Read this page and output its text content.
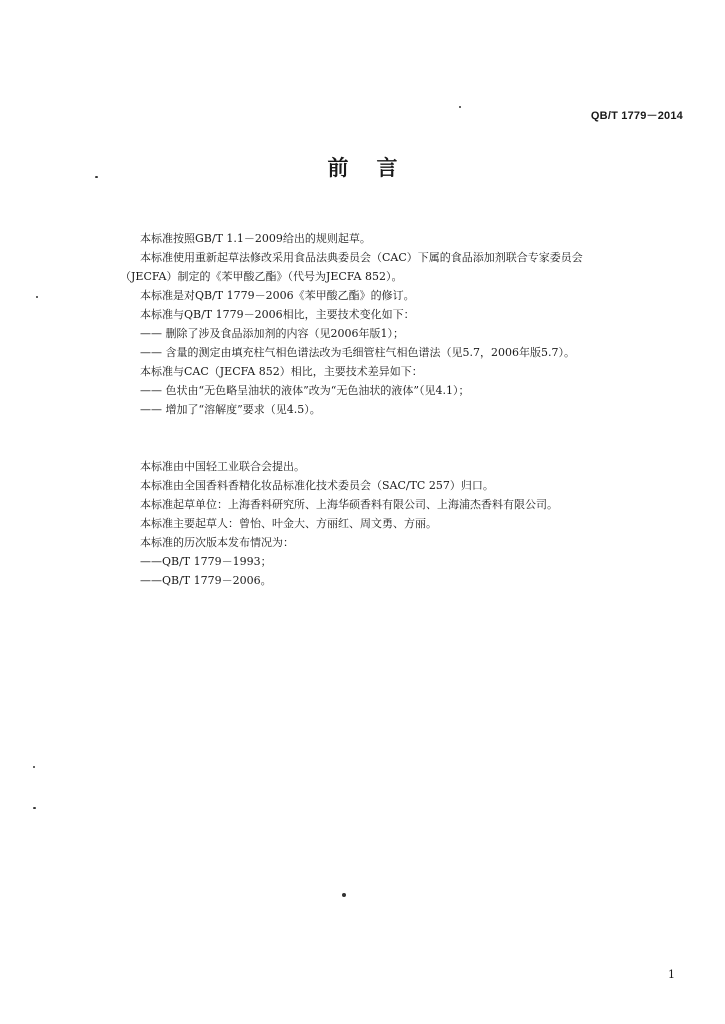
QB/T 1779－2014
前言

本标准按照GB/T 1.1－2009给出的规则起草。

本标准使用重新起草法修改采用食品法典委员会（CAC）下属的食品添加剂联合专家委员会

（JECFA）制定的《苯甲酸乙酯》（代号为JECFA 852）。

本标准是对QB/T 1779－2006《苯甲酸乙酯》的修订。

本标准与QB/T 1779－2006相比，主要技术变化如下：

—— 删除了涉及食品添加剂的内容（见2006年版1）；

—— 含量的测定由填充柱气相色谱法改为毛细管柱气相色谱法（见5.7，2006年版5.7）。

本标准与CAC（JECFA 852）相比，主要技术差异如下：

—— 色状由“无色略呈油状的液体”改为“无色油状的液体”（见4.1）；

—— 增加了“溶解度”要求（见4.5）。

本标准由中国轻工业联合会提出。

本标准由全国香料香精化妆品标准化技术委员会（SAC/TC 257）归口。

本标准起草单位：上海香料研究所、上海华硕香料有限公司、上海浦杰香料有限公司。

本标准主要起草人：曾怡、叶金大、方丽红、周文勇、方丽。

本标准的历次版本发布情况为：

——QB/T 1779－1993；

——QB/T 1779－2006。

1
